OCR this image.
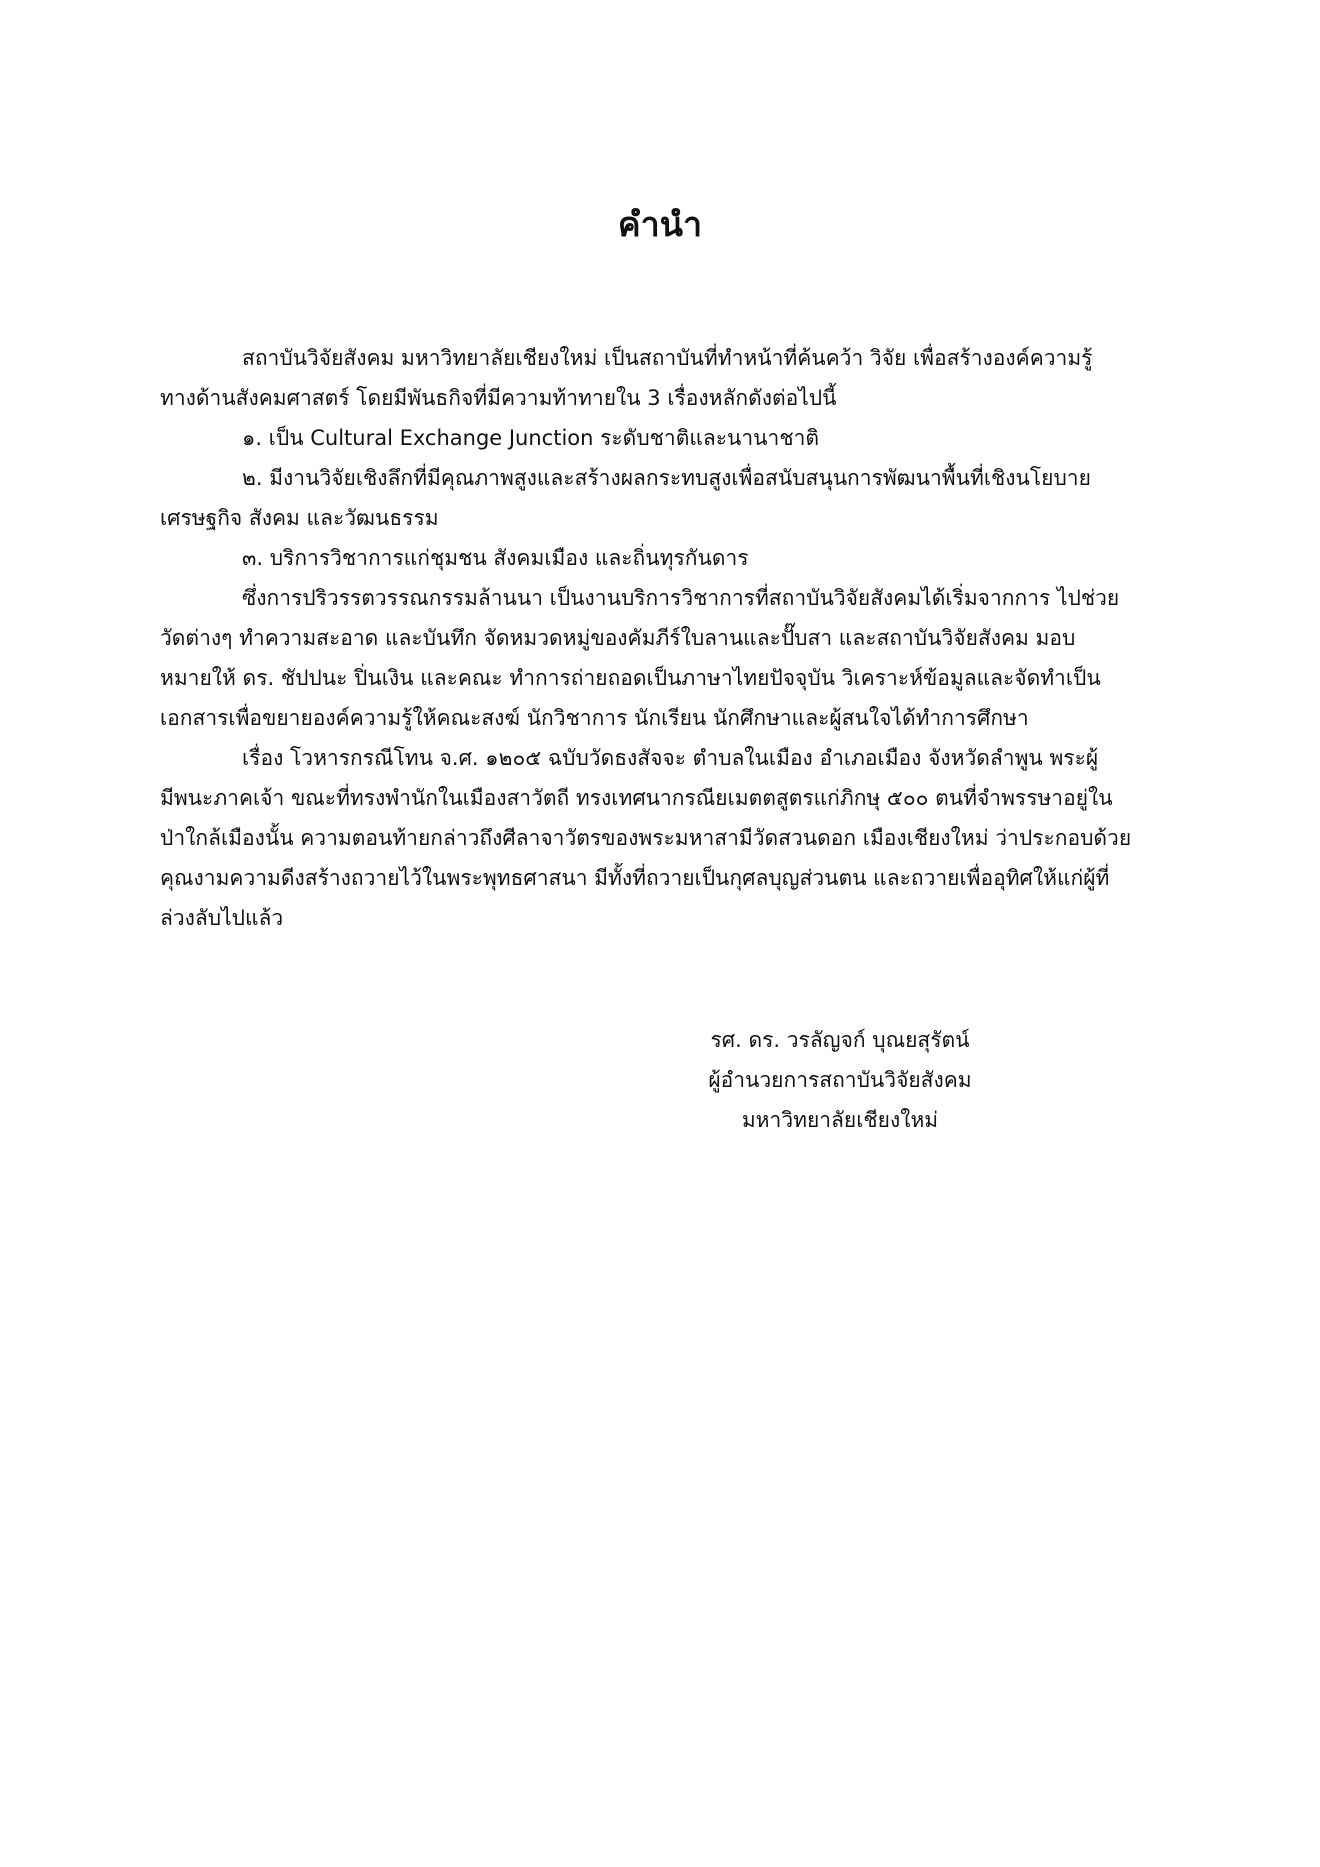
คำนำ
สถาบันวิจัยสังคม มหาวิทยาลัยเชียงใหม่ เป็นสถาบันที่ทำหน้าที่ค้นคว้า วิจัย เพื่อสร้างองค์ความรู้
ทางด้านสังคมศาสตร์ โดยมีพันธกิจที่มีความท้าทายใน 3 เรื่องหลักดังต่อไปนี้
๑. เป็น Cultural Exchange Junction ระดับชาติและนานาชาติ
๒. มีงานวิจัยเชิงลึกที่มีคุณภาพสูงและสร้างผลกระทบสูงเพื่อสนับสนุนการพัฒนาพื้นที่เชิงนโยบาย
เศรษฐกิจ สังคม และวัฒนธรรม
๓. บริการวิชาการแก่ชุมชน สังคมเมือง และถิ่นทุรกันดาร
ซึ่งการปริวรรตวรรณกรรมล้านนา เป็นงานบริการวิชาการที่สถาบันวิจัยสังคมได้เริ่มจากการ ไปช่วย
วัดต่างๆ ทำความสะอาด และบันทึก จัดหมวดหมู่ของคัมภีร์ใบลานและปั๊บสา และสถาบันวิจัยสังคม มอบ
หมายให้ ดร. ชัปปนะ ปิ่นเงิน และคณะ ทำการถ่ายถอดเป็นภาษาไทยปัจจุบัน วิเคราะห์ข้อมูลและจัดทำเป็น
เอกสารเพื่อขยายองค์ความรู้ให้คณะสงฆ์ นักวิชาการ นักเรียน นักศึกษาและผู้สนใจได้ทำการศึกษา
เรื่อง โวหารกรณีโทน จ.ศ. ๑๒๐๕ ฉบับวัดธงสัจจะ ตำบลในเมือง อำเภอเมือง จังหวัดลำพูน พระผู้
มีพนะภาคเจ้า ขณะที่ทรงพำนักในเมืองสาวัตถี ทรงเทศนากรณียเมตตสูตรแก่ภิกษุ ๕๐๐ ตนที่จำพรรษาอยู่ใน
ป่าใกล้เมืองนั้น ความตอนท้ายกล่าวถึงศีลาจาวัตรของพระมหาสามีวัดสวนดอก เมืองเชียงใหม่ ว่าประกอบด้วย
คุณงามความดีงสร้างถวายไว้ในพระพุทธศาสนา มีทั้งที่ถวายเป็นกุศลบุญส่วนตน และถวายเพื่ออุทิศให้แก่ผู้ที่
ล่วงลับไปแล้ว
รศ. ดร. วรลัญจก์ บุณยสุรัตน์
ผู้อำนวยการสถาบันวิจัยสังคม
มหาวิทยาลัยเชียงใหม่
